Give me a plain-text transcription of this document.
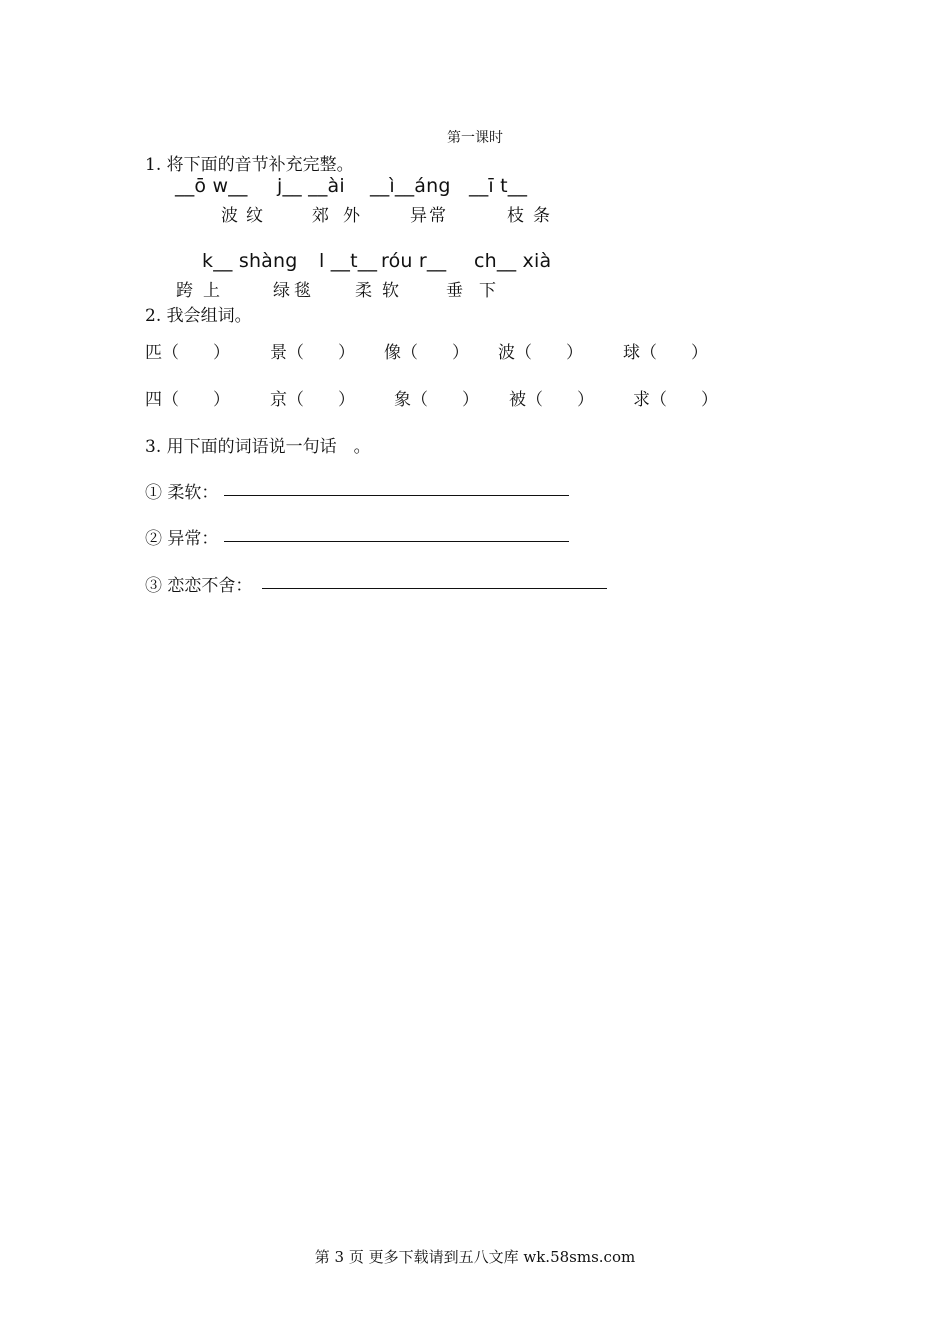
第一课时
1. 将下面的音节补充完整。
__ō w__ j__ __ài __ì__áng __ī t__
波纹 郊外 异常	枝条
k__ shàng l __t__ róu r__ ch__ xià
跨上	绿毯 柔软 垂下
2. 我会组词。
匹（　　） 景（　　） 像（　　） 波（　　） 球（　　）
四（　　） 京（　　） 象（　　） 被（　　） 求（　　）
3. 用下面的词语说一句话　。
① 柔软：
② 异常：
③ 恋恋不舍：
第 3 页 更多下载请到五八文库 wk.58sms.com
